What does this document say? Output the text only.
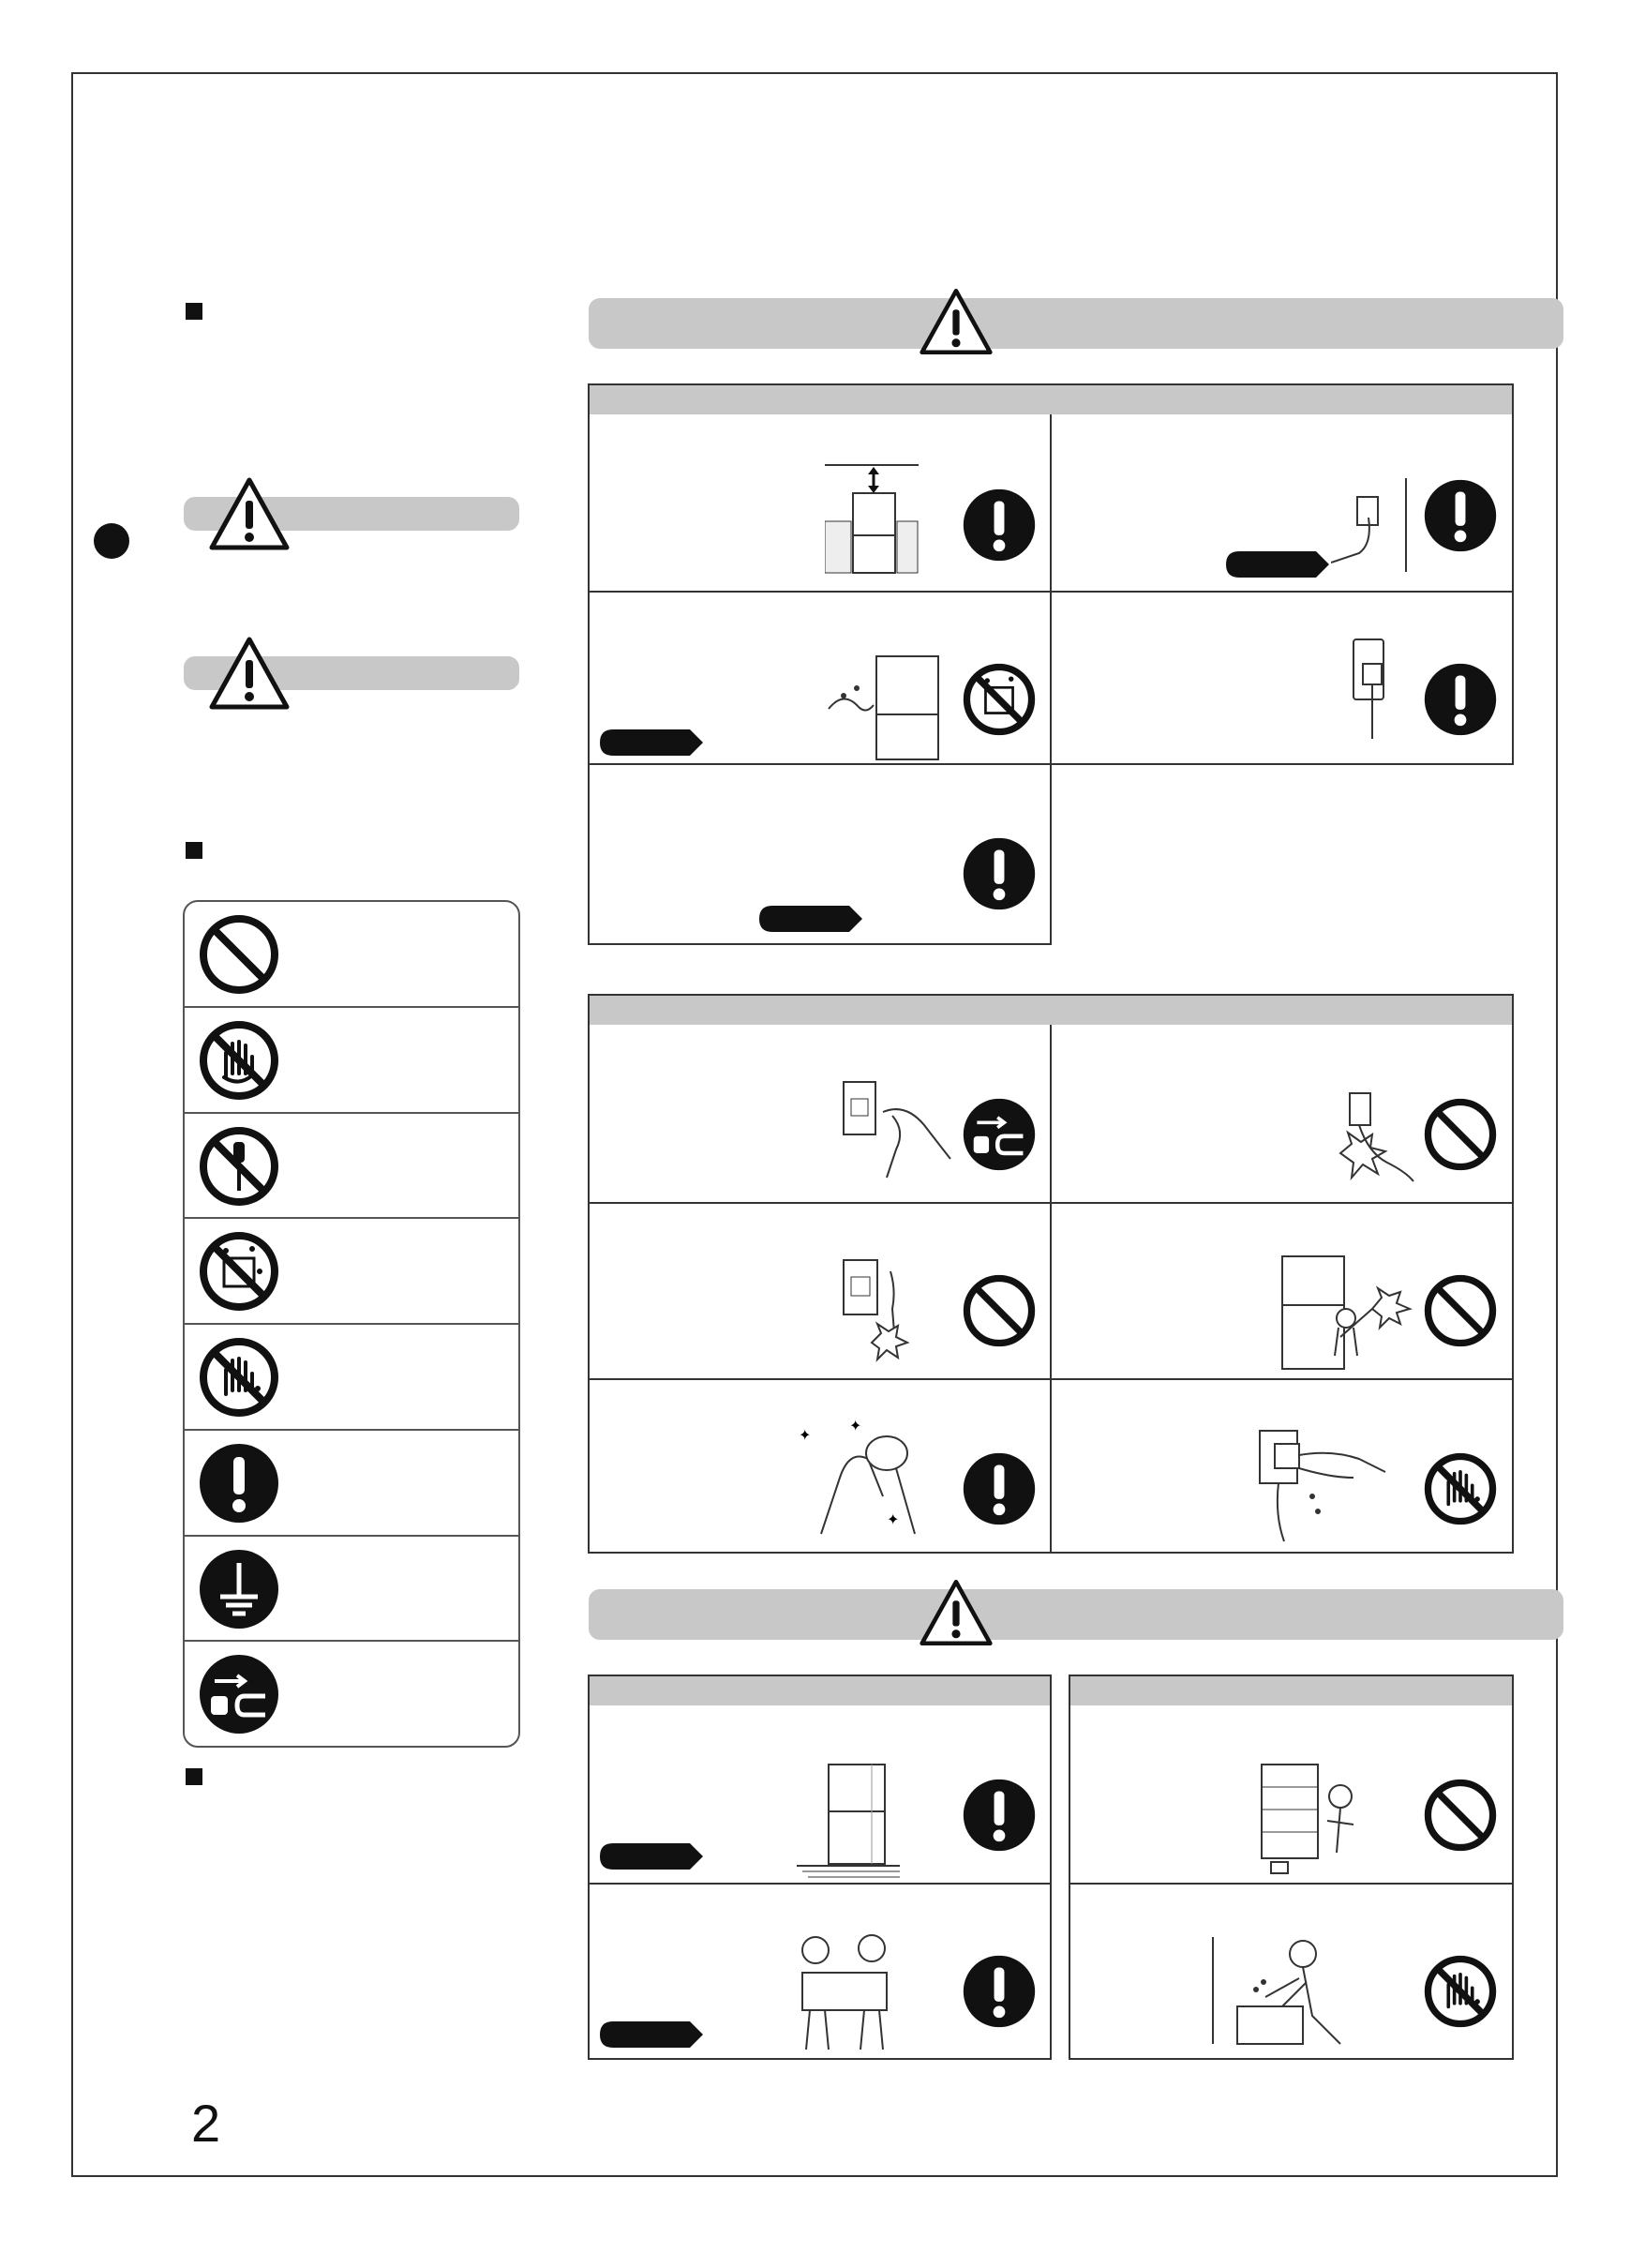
2
✦
✦
✦
